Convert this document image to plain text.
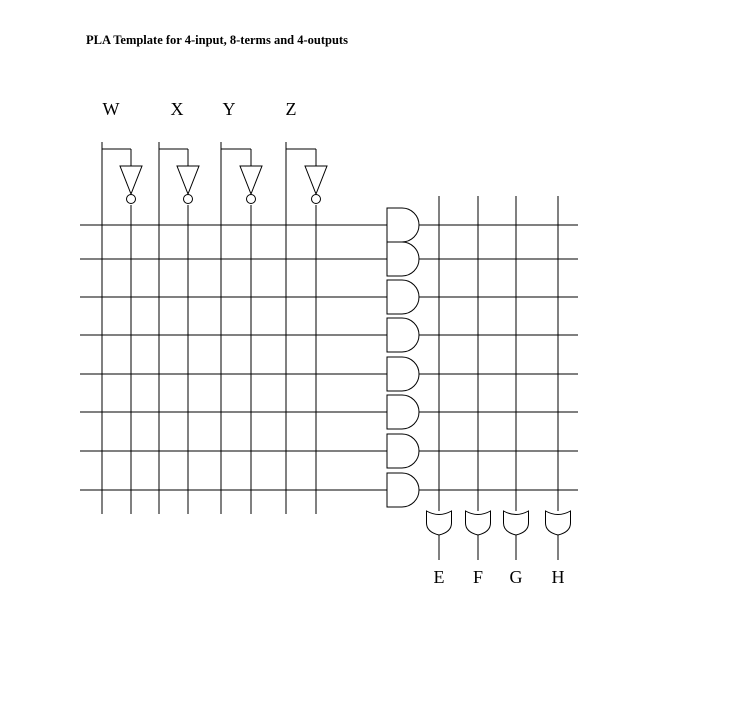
PLA Template for 4-input, 8-terms and 4-outputs
W	X Y	Z
E F G H
